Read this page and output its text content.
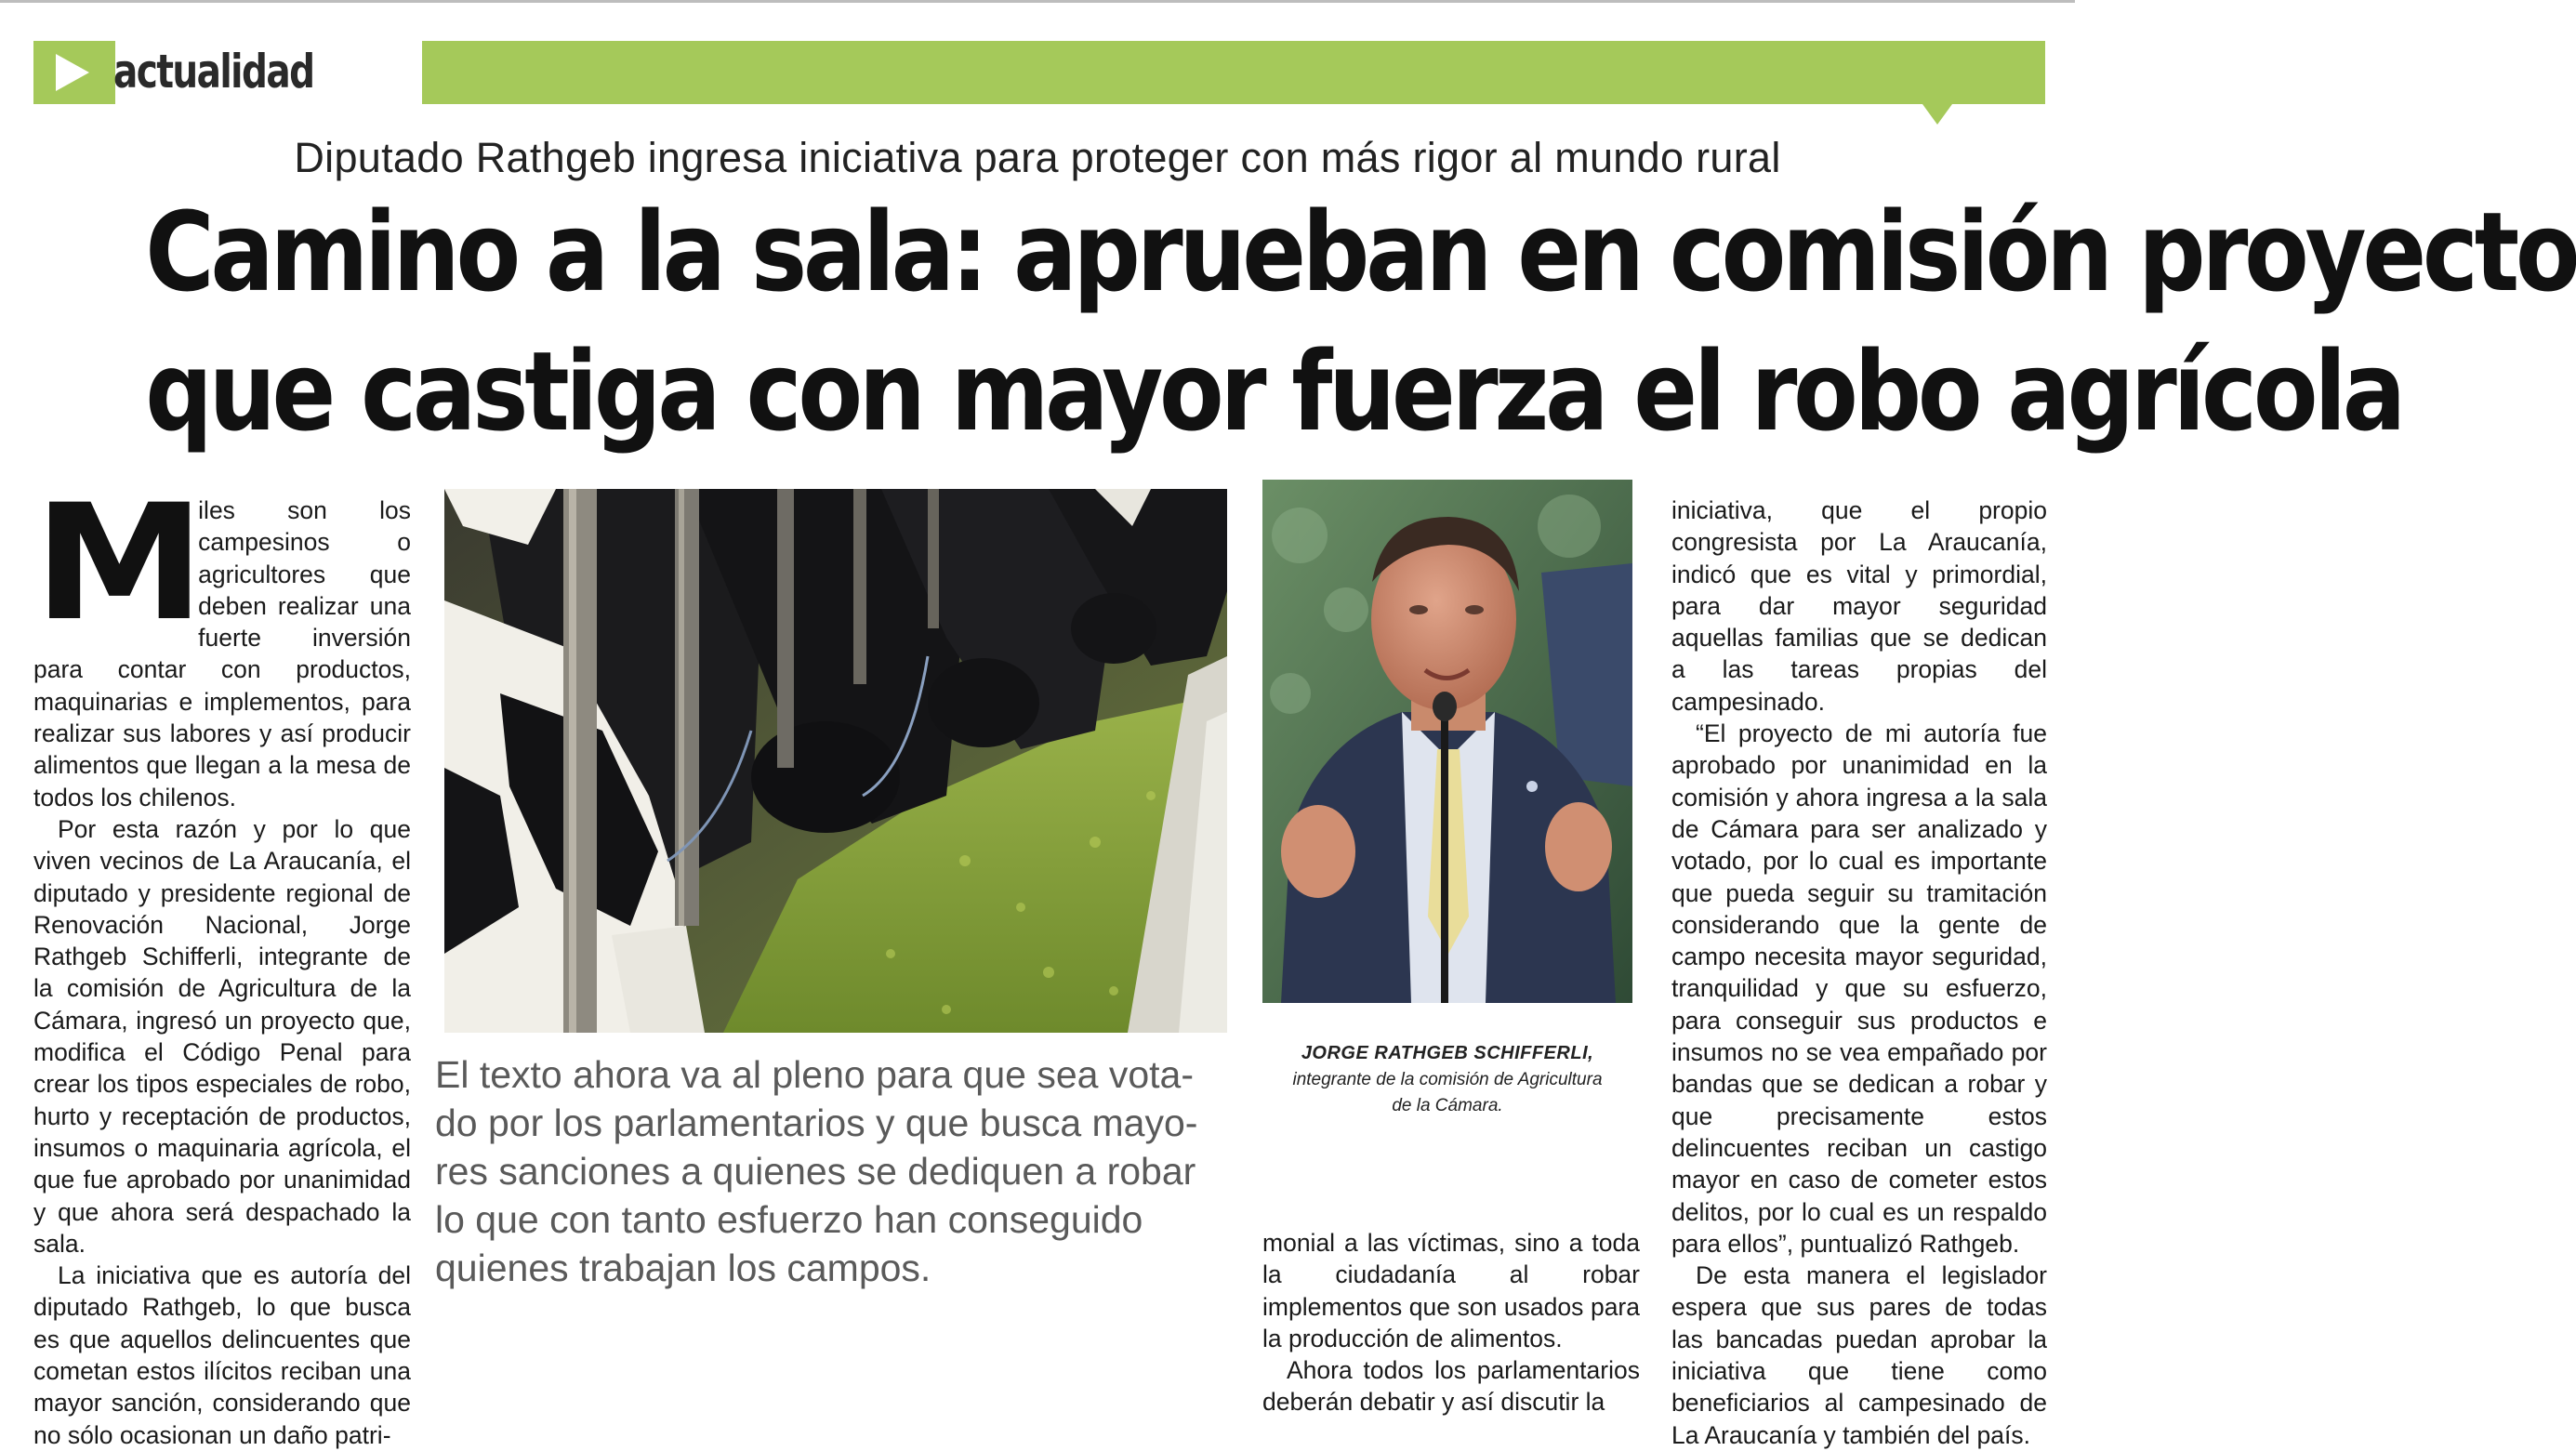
actualidad
Diputado Rathgeb ingresa iniciativa para proteger con más rigor al mundo rural
Camino a la sala: aprueban en comisión proyecto
que castiga con mayor fuerza el robo agrícola

M
iles son los campesinos o agricultores que deben realizar una fuerte inversión para contar con productos, maquinarias e implementos, para realizar sus labores y así producir alimentos que llegan a la mesa de todos los chilenos.

Por esta razón y por lo que viven vecinos de La Araucanía, el diputado y presidente regional de Renovación Nacional, Jorge Rathgeb Schifferli, integrante de la comisión de Agricultura de la Cámara, ingresó un proyecto que, modifica el Código Penal para crear los tipos especiales de robo, hurto y receptación de productos, insumos o maquinaria agrícola, el que fue aprobado por unanimidad y que ahora será despachado la sala.

La iniciativa que es autoría del diputado Rathgeb, lo que busca es que aquellos delincuentes que cometan estos ilícitos reciban una mayor sanción, considerando que no sólo ocasionan un daño patri-

El texto ahora va al pleno para que sea vota-
do por los parlamentarios y que busca mayo-
res sanciones a quienes se dediquen a robar
lo que con tanto esfuerzo han conseguido
quienes trabajan los campos.
JORGE RATHGEB SCHIFFERLI,
integrante de la comisión de Agricultura
de la Cámara.

monial a las víctimas, sino a toda la ciudadanía al robar implementos que son usados para la producción de alimentos.

Ahora todos los parlamentarios deberán debatir y así discutir la

iniciativa, que el propio congresista por La Araucanía, indicó que es vital y primordial, para dar mayor seguridad aquellas familias que se dedican a las tareas propias del campesinado.

“El proyecto de mi autoría fue aprobado por unanimidad en la comisión y ahora ingresa a la sala de Cámara para ser analizado y votado, por lo cual es importante que pueda seguir su tramitación considerando que la gente de campo necesita mayor seguridad, tranquilidad y que su esfuerzo, para conseguir sus productos e insumos no se vea empañado por bandas que se dedican a robar y que precisamente estos delincuentes reciban un castigo mayor en caso de cometer estos delitos, por lo cual es un respaldo para ellos”, puntualizó Rathgeb.

De esta manera el legislador espera que sus pares de todas las bancadas puedan aprobar la iniciativa que tiene como beneficiarios al campesinado de La Araucanía y también del país.
